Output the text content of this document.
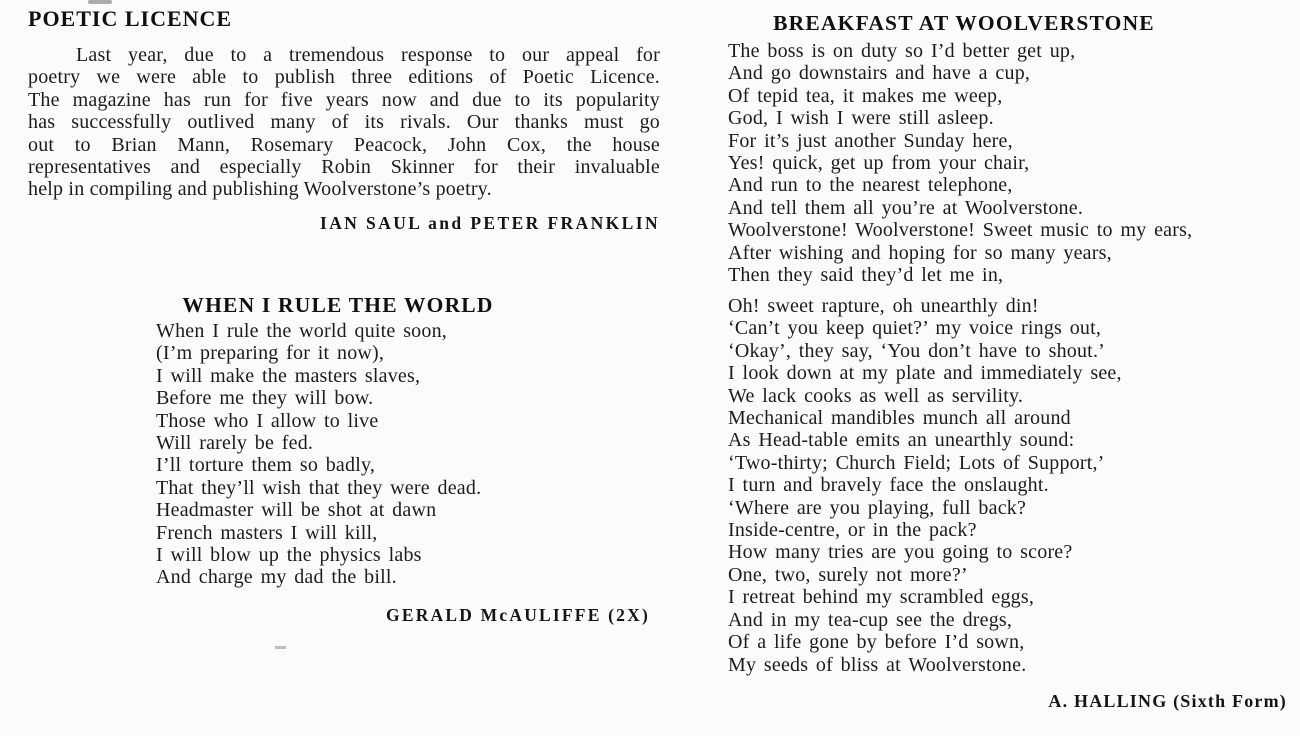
POETIC LICENCE
Last year, due to a tremendous response to our appeal for
poetry we were able to publish three editions of Poetic Licence.
The magazine has run for five years now and due to its popularity
has successfully outlived many of its rivals. Our thanks must go
out to Brian Mann, Rosemary Peacock, John Cox, the house
representatives and especially Robin Skinner for their invaluable
help in compiling and publishing Woolverstone’s poetry.
IAN SAUL and PETER FRANKLIN
WHEN I RULE THE WORLD
When I rule the world quite soon,
(I’m preparing for it now),
I will make the masters slaves,
Before me they will bow.
Those who I allow to live
Will rarely be fed.
I’ll torture them so badly,
That they’ll wish that they were dead.
Headmaster will be shot at dawn
French masters I will kill,
I will blow up the physics labs
And charge my dad the bill.
GERALD McAULIFFE (2X)
BREAKFAST AT WOOLVERSTONE
The boss is on duty so I’d better get up,
And go downstairs and have a cup,
Of tepid tea, it makes me weep,
God, I wish I were still asleep.
For it’s just another Sunday here,
Yes! quick, get up from your chair,
And run to the nearest telephone,
And tell them all you’re at Woolverstone.
Woolverstone! Woolverstone! Sweet music to my ears,
After wishing and hoping for so many years,
Then they said they’d let me in,
Oh! sweet rapture, oh unearthly din!
‘Can’t you keep quiet?’ my voice rings out,
‘Okay’, they say, ‘You don’t have to shout.’
I look down at my plate and immediately see,
We lack cooks as well as servility.
Mechanical mandibles munch all around
As Head-table emits an unearthly sound:
‘Two-thirty; Church Field; Lots of Support,’
I turn and bravely face the onslaught.
‘Where are you playing, full back?
Inside-centre, or in the pack?
How many tries are you going to score?
One, two, surely not more?’
I retreat behind my scrambled eggs,
And in my tea-cup see the dregs,
Of a life gone by before I’d sown,
My seeds of bliss at Woolverstone.
A. HALLING (Sixth Form)
